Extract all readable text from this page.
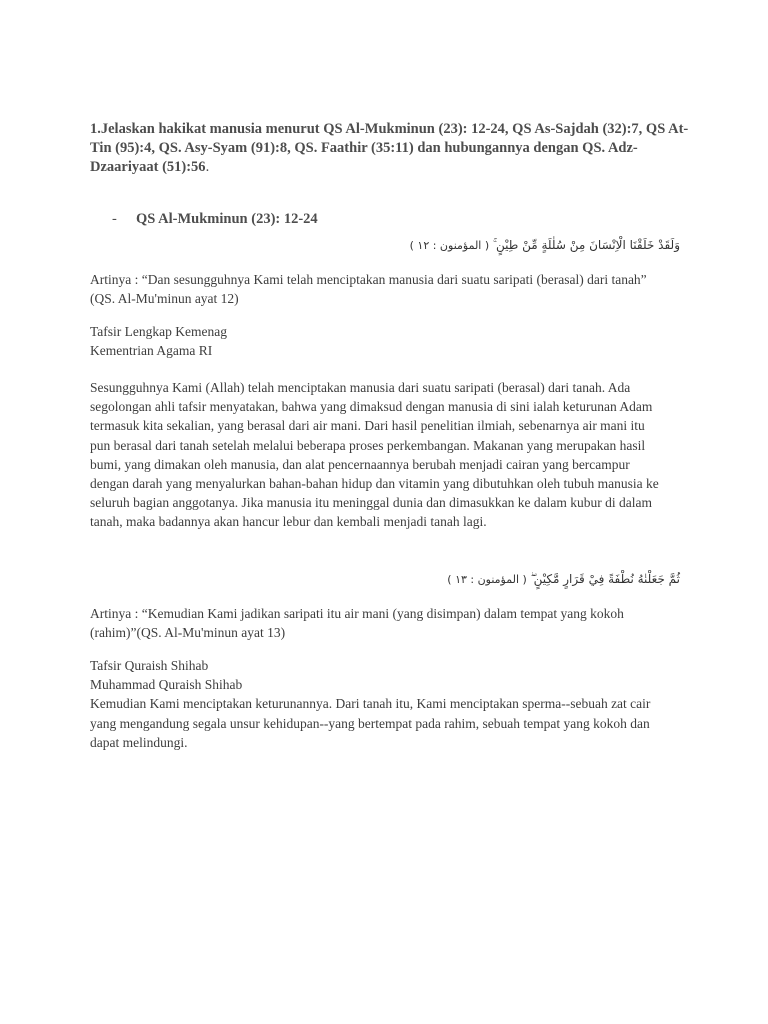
1.Jelaskan hakikat manusia menurut QS Al-Mukminun (23): 12-24, QS As-Sajdah (32):7, QS At-
Tin (95):4, QS. Asy-Syam (91):8, QS. Faathir (35:11) dan hubungannya dengan QS. Adz-
Dzaariyaat (51):56.
- QS Al-Mukminun (23): 12-24
وَلَقَدْ خَلَقْنَا الْاِنْسَانَ مِنْ سُلٰلَةٍ مِّنْ طِيْنٍ ۚ ( المؤمنون : ١٢ )
Artinya : “Dan sesungguhnya Kami telah menciptakan manusia dari suatu saripati (berasal) dari tanah”
(QS. Al-Mu'minun ayat 12)
Tafsir Lengkap Kemenag
Kementrian Agama RI
Sesungguhnya Kami (Allah) telah menciptakan manusia dari suatu saripati (berasal) dari tanah. Ada
segolongan ahli tafsir menyatakan, bahwa yang dimaksud dengan manusia di sini ialah keturunan Adam
termasuk kita sekalian, yang berasal dari air mani. Dari hasil penelitian ilmiah, sebenarnya air mani itu
pun berasal dari tanah setelah melalui beberapa proses perkembangan. Makanan yang merupakan hasil
bumi, yang dimakan oleh manusia, dan alat pencernaannya berubah menjadi cairan yang bercampur
dengan darah yang menyalurkan bahan-bahan hidup dan vitamin yang dibutuhkan oleh tubuh manusia ke
seluruh bagian anggotanya. Jika manusia itu meninggal dunia dan dimasukkan ke dalam kubur di dalam
tanah, maka badannya akan hancur lebur dan kembali menjadi tanah lagi.
ثُمَّ جَعَلْنٰهُ نُطْفَةً فِيْ قَرَارٍ مَّكِيْنٍ ۖ ( المؤمنون : ١٣ )
Artinya : “Kemudian Kami jadikan saripati itu air mani (yang disimpan) dalam tempat yang kokoh
(rahim)”(QS. Al-Mu'minun ayat 13)
Tafsir Quraish Shihab
Muhammad Quraish Shihab
Kemudian Kami menciptakan keturunannya. Dari tanah itu, Kami menciptakan sperma--sebuah zat cair
yang mengandung segala unsur kehidupan--yang bertempat pada rahim, sebuah tempat yang kokoh dan
dapat melindungi.
